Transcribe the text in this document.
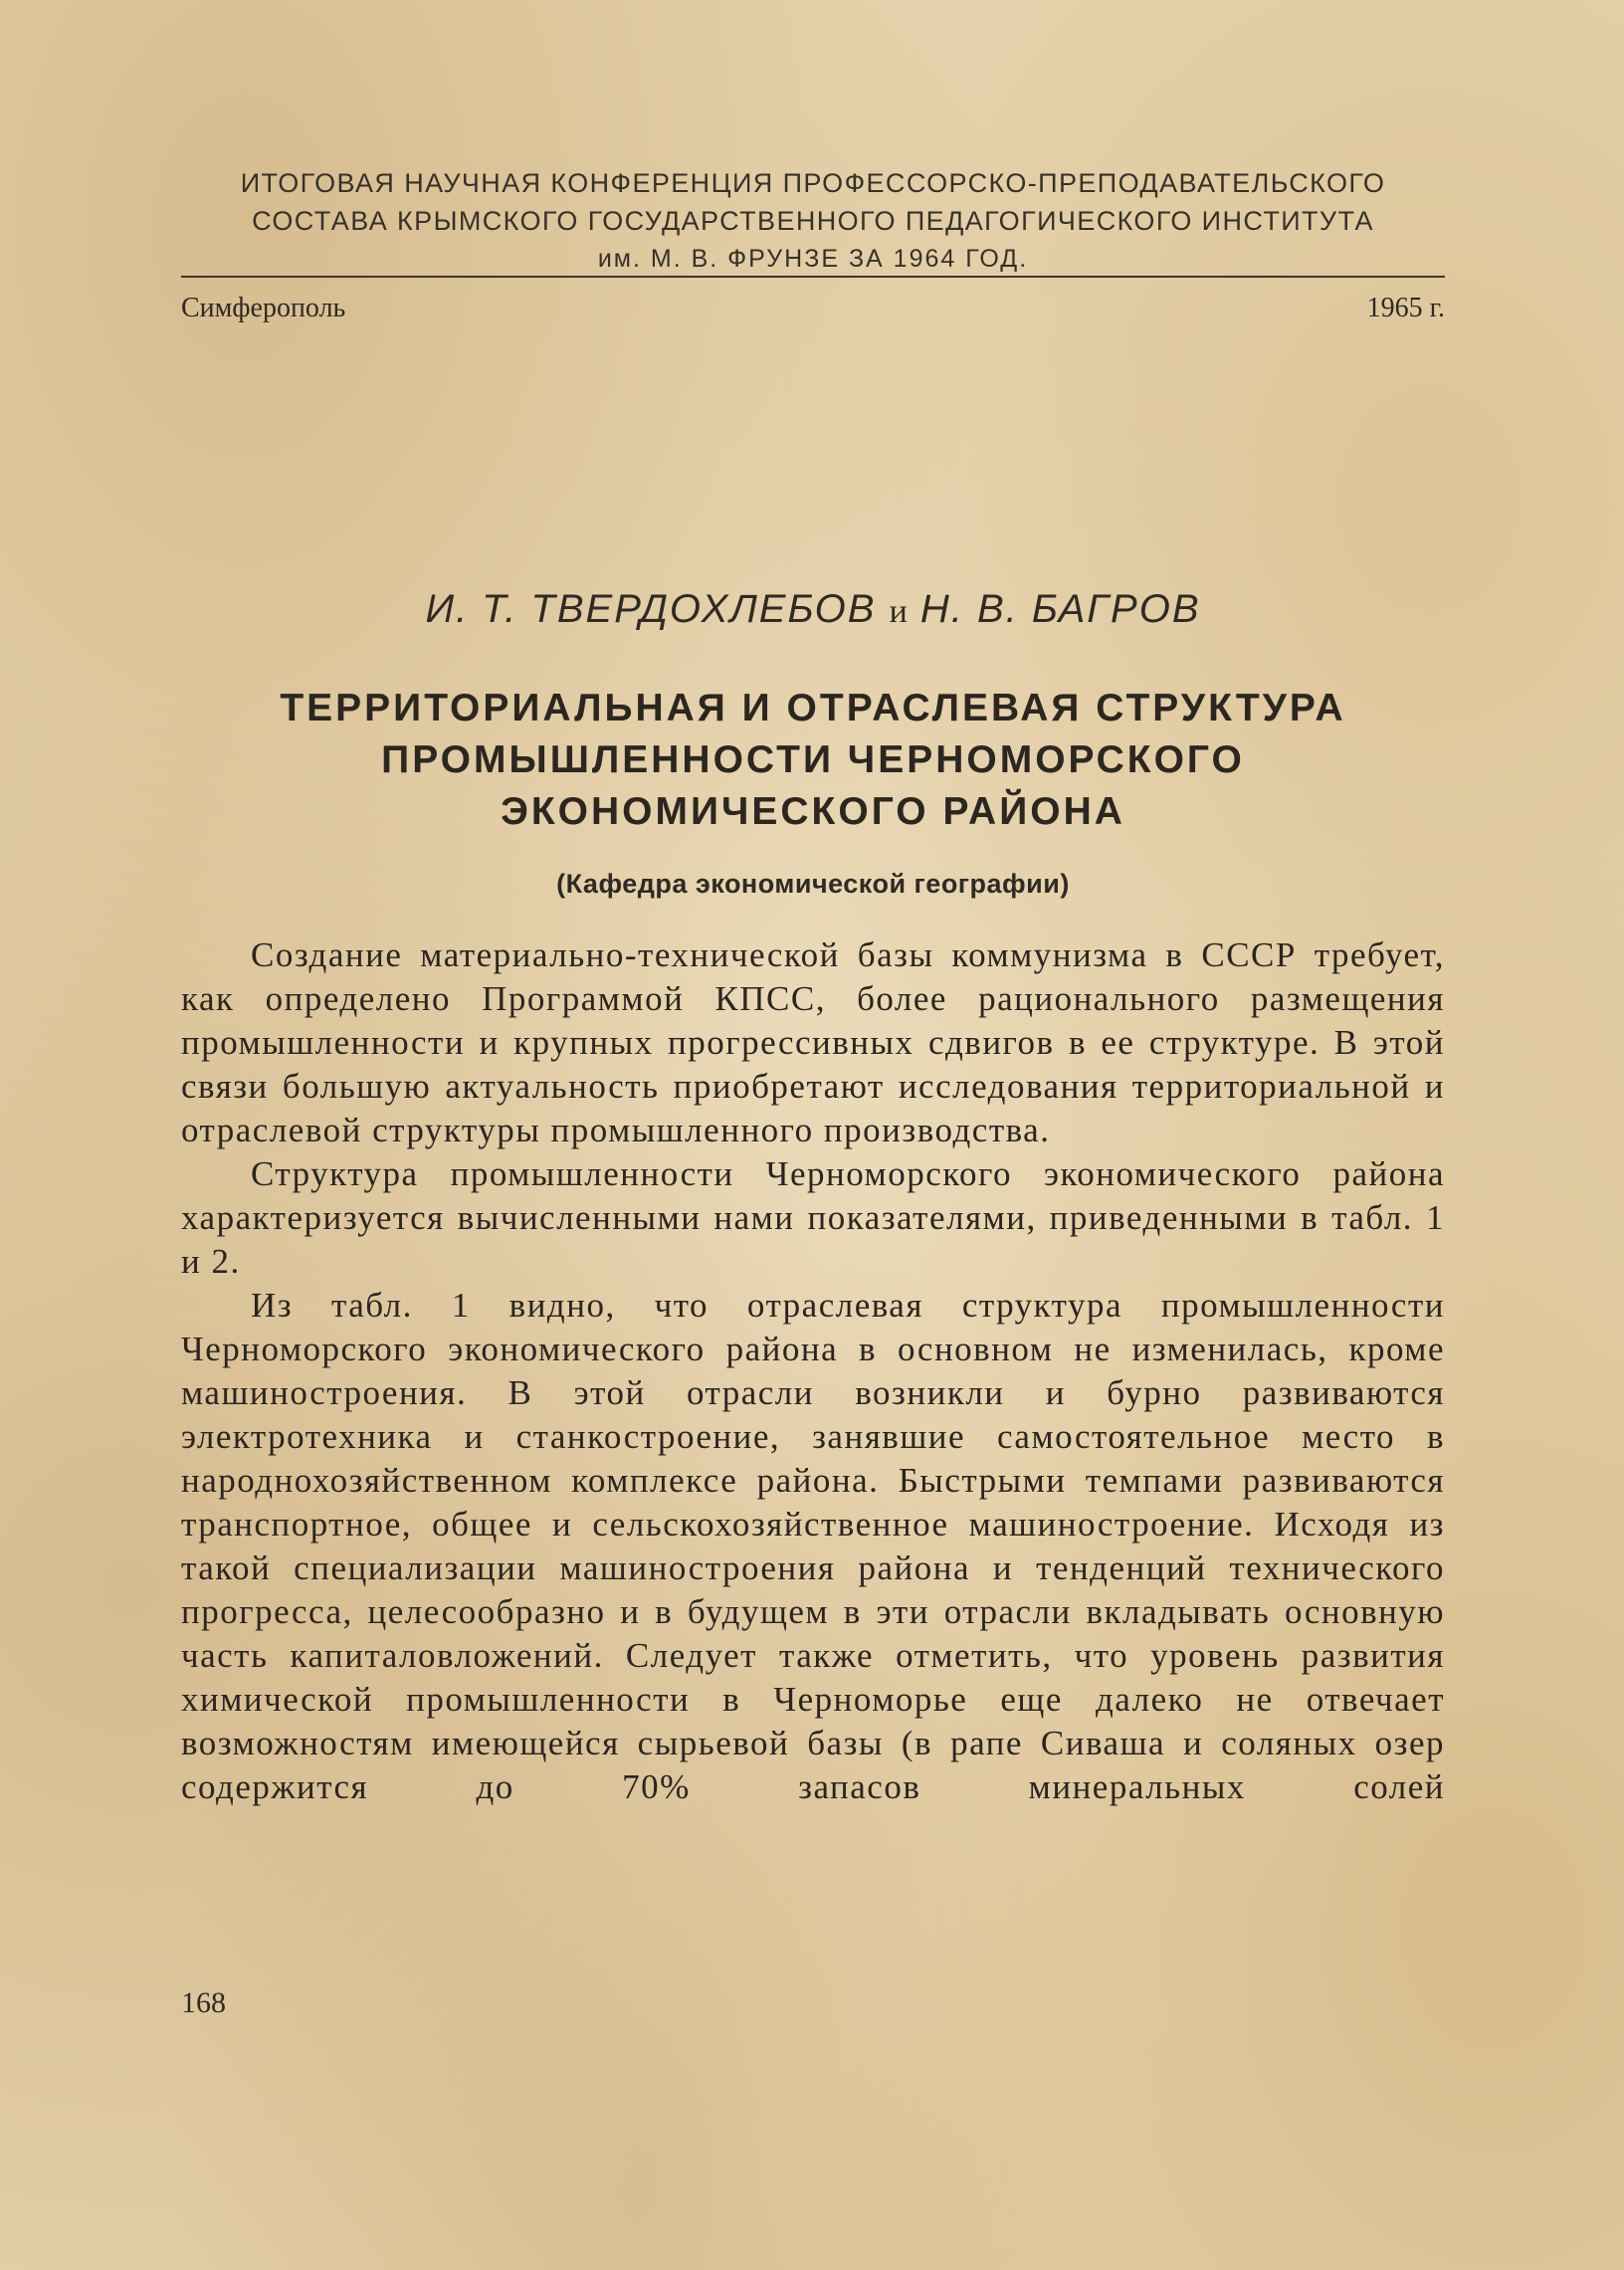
ИТОГОВАЯ НАУЧНАЯ КОНФЕРЕНЦИЯ ПРОФЕССОРСКО-ПРЕПОДАВАТЕЛЬСКОГО
СОСТАВА КРЫМСКОГО ГОСУДАРСТВЕННОГО ПЕДАГОГИЧЕСКОГО ИНСТИТУТА
им. М. В. ФРУНЗЕ ЗА 1964 ГОД.
Симферополь	1965 г.
И. Т. ТВЕРДОХЛЕБОВ и Н. В. БАГРОВ
ТЕРРИТОРИАЛЬНАЯ И ОТРАСЛЕВАЯ СТРУКТУРА
ПРОМЫШЛЕННОСТИ ЧЕРНОМОРСКОГО
ЭКОНОМИЧЕСКОГО РАЙОНА
(Кафедра экономической географии)

Создание материально-технической базы коммунизма в СССР требует, как определено Программой КПСС, более рационального размещения промышленности и крупных прогрессивных сдвигов в ее структуре. В этой связи большую актуальность приобретают исследования территориальной и отраслевой структуры промышленного производства.

Структура промышленности Черноморского экономического района характеризуется вычисленными нами показателями, приведенными в табл. 1 и 2.

Из табл. 1 видно, что отраслевая структура промышленности Черноморского экономического района в основном не изменилась, кроме машиностроения. В этой отрасли возникли и бурно развиваются электротехника и станкостроение, занявшие самостоятельное место в народнохозяйственном комплексе района. Быстрыми темпами развиваются транспортное, общее и сельскохозяйственное машиностроение. Исходя из такой специализации машиностроения района и тенденций технического прогресса, целесообразно и в будущем в эти отрасли вкладывать основную часть капиталовложений. Следует также отметить, что уровень развития химической промышленности в Черноморье еще далеко не отвечает возможностям имеющейся сырьевой базы (в рапе Сиваша и соляных озер содержится до 70% запасов минеральных солей

168
